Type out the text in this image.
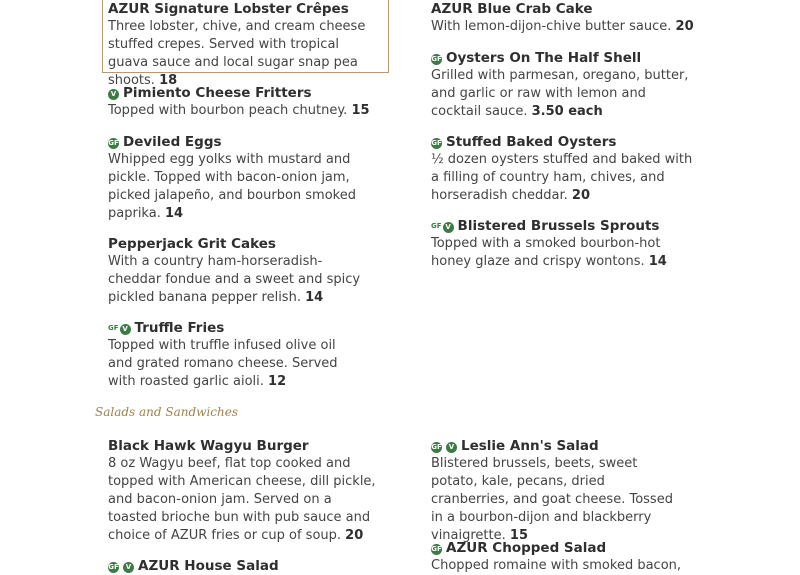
AZUR Signature Lobster Crêpes
Three lobster, chive, and cream cheese stuffed crepes. Served with tropical guava sauce and local sugar snap pea shoots. 18
V Pimiento Cheese Fritters
Topped with bourbon peach chutney. 15
GF Deviled Eggs
Whipped egg yolks with mustard and pickle. Topped with bacon-onion jam, picked jalapeño, and bourbon smoked paprika. 14
Pepperjack Grit Cakes
With a country ham-horseradish-cheddar fondue and a sweet and spicy pickled banana pepper relish. 14
GF V Truffle Fries
Topped with truffle infused olive oil and grated romano cheese. Served with roasted garlic aioli. 12
AZUR Blue Crab Cake
With lemon-dijon-chive butter sauce. 20
GF Oysters On The Half Shell
Grilled with parmesan, oregano, butter, and garlic or raw with lemon and cocktail sauce. 3.50 each
GF Stuffed Baked Oysters
½ dozen oysters stuffed and baked with a filling of country ham, chives, and horseradish cheddar. 20
GF V Blistered Brussels Sprouts
Topped with a smoked bourbon-hot honey glaze and crispy wontons. 14
Salads and Sandwiches
Black Hawk Wagyu Burger
8 oz Wagyu beef, flat top cooked and topped with American cheese, dill pickle, and bacon-onion jam. Served on a toasted brioche bun with pub sauce and choice of AZUR fries or cup of soup. 20
GF V AZUR House Salad
GF V Leslie Ann's Salad
Blistered brussels, beets, sweet potato, kale, pecans, dried cranberries, and goat cheese. Tossed in a bourbon-dijon and blackberry vinaigrette. 15
GF AZUR Chopped Salad
Chopped romaine with smoked bacon,
